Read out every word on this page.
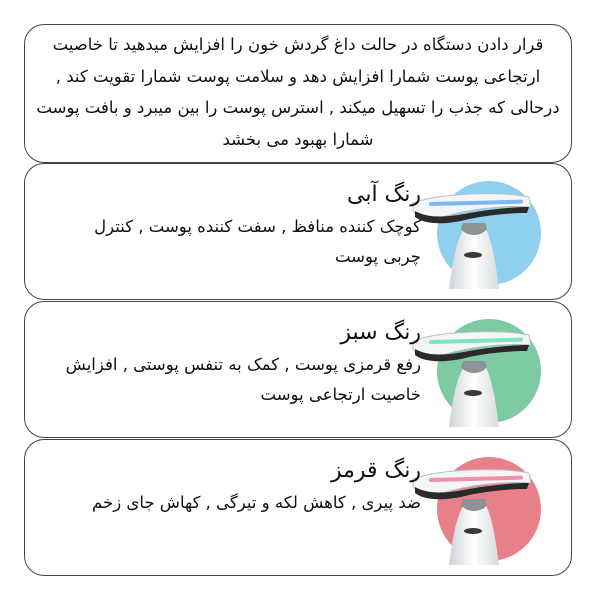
قرار دادن دستگاه در حالت داغ گردش خون را افزایش میدهید تا خاصیت
ارتجاعی پوست شمارا افزایش دهد و سلامت پوست شمارا تقویت کند ,
درحالی که جذب را تسهیل میکند , استرس پوست را بین میبرد و بافت پوست
شمارا بهبود می بخشد
رنگ آبی
کوچک کننده منافظ , سفت کننده پوست , کنترل
چربی پوست
رنگ سبز
رفع قرمزی پوست , کمک به تنفس پوستی , افزایش
خاصیت ارتجاعی پوست
رنگ قرمز
ضد پیری , کاهش لکه و تیرگی , کهاش جای زخم
